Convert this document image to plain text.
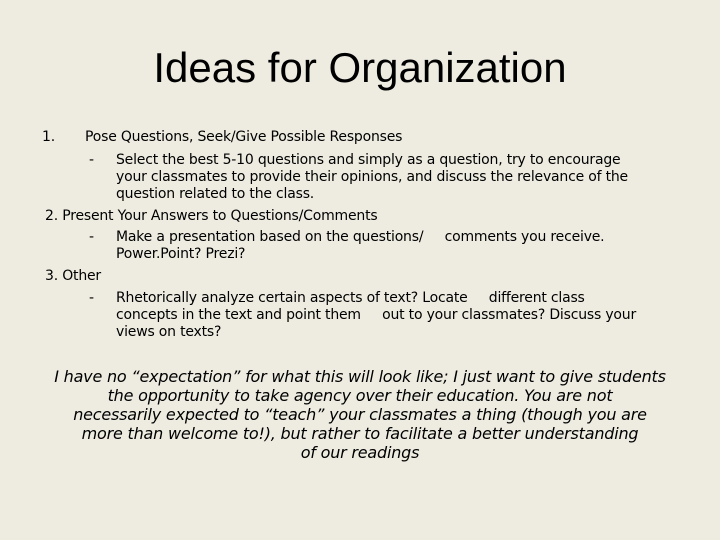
Ideas for Organization
1. Pose Questions, Seek/Give Possible Responses
- Select the best 5-10 questions and simply as a question, try to encourage
your classmates to provide their opinions, and discuss the relevance of the
question related to the class.
2. Present Your Answers to Questions/Comments
- Make a presentation based on the questions/     comments you receive.
Power.Point? Prezi?
3. Other
- Rhetorically analyze certain aspects of text? Locate     different class
concepts in the text and point them     out to your classmates? Discuss your
views on texts?
I have no “expectation” for what this will look like; I just want to give students
the opportunity to take agency over their education. You are not
necessarily expected to “teach” your classmates a thing (though you are
more than welcome to!), but rather to facilitate a better understanding
of our readings
